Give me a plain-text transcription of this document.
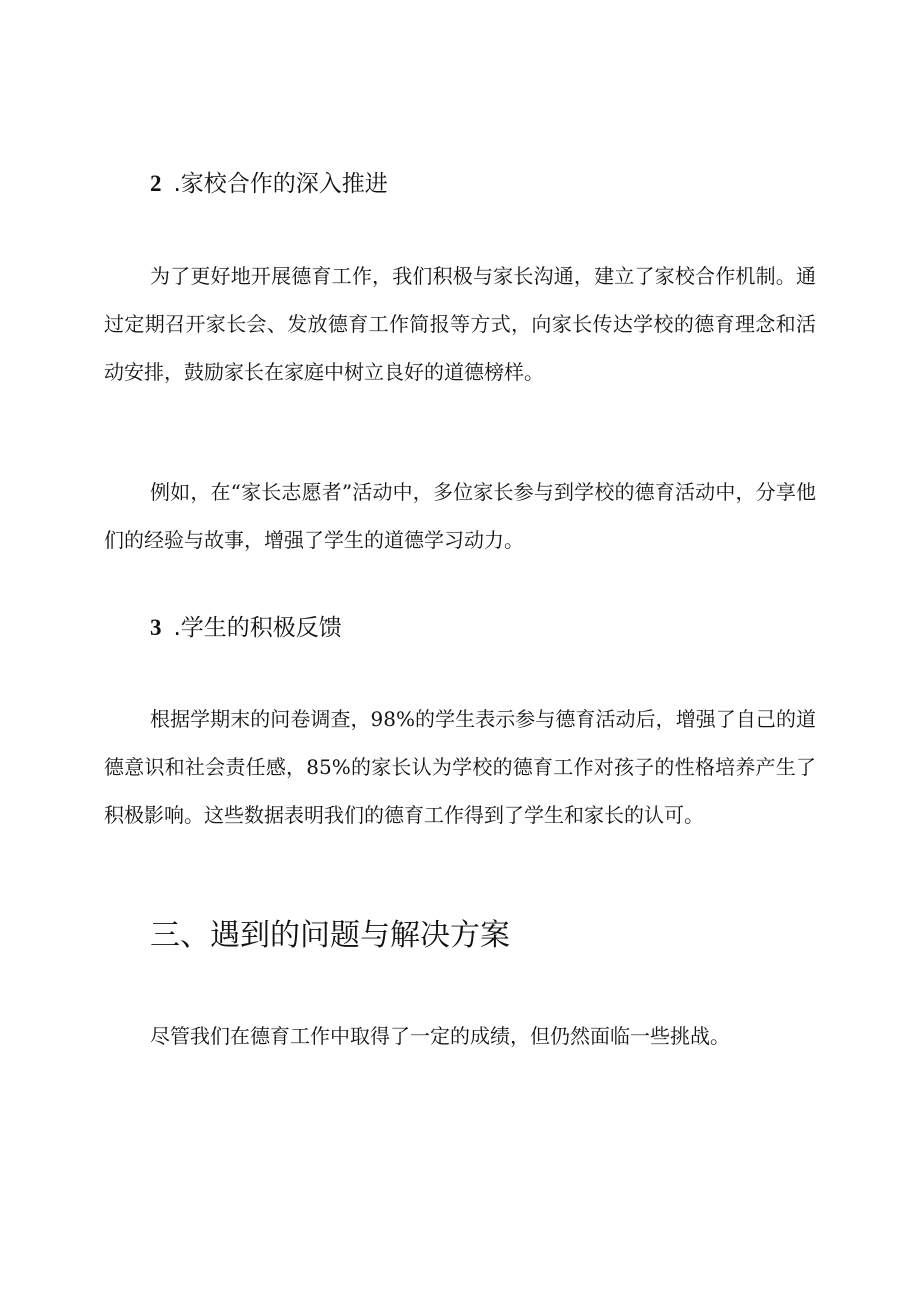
2 .家校合作的深入推进

为了更好地开展德育工作，我们积极与家长沟通，建立了家校合作机制。通过定期召开家长会、发放德育工作简报等方式，向家长传达学校的德育理念和活动安排，鼓励家长在家庭中树立良好的道德榜样。

例如，在“家长志愿者”活动中，多位家长参与到学校的德育活动中，分享他们的经验与故事，增强了学生的道德学习动力。

3 .学生的积极反馈

根据学期末的问卷调查，98%的学生表示参与德育活动后，增强了自己的道德意识和社会责任感，85%的家长认为学校的德育工作对孩子的性格培养产生了积极影响。这些数据表明我们的德育工作得到了学生和家长的认可。

三、遇到的问题与解决方案

尽管我们在德育工作中取得了一定的成绩，但仍然面临一些挑战。
